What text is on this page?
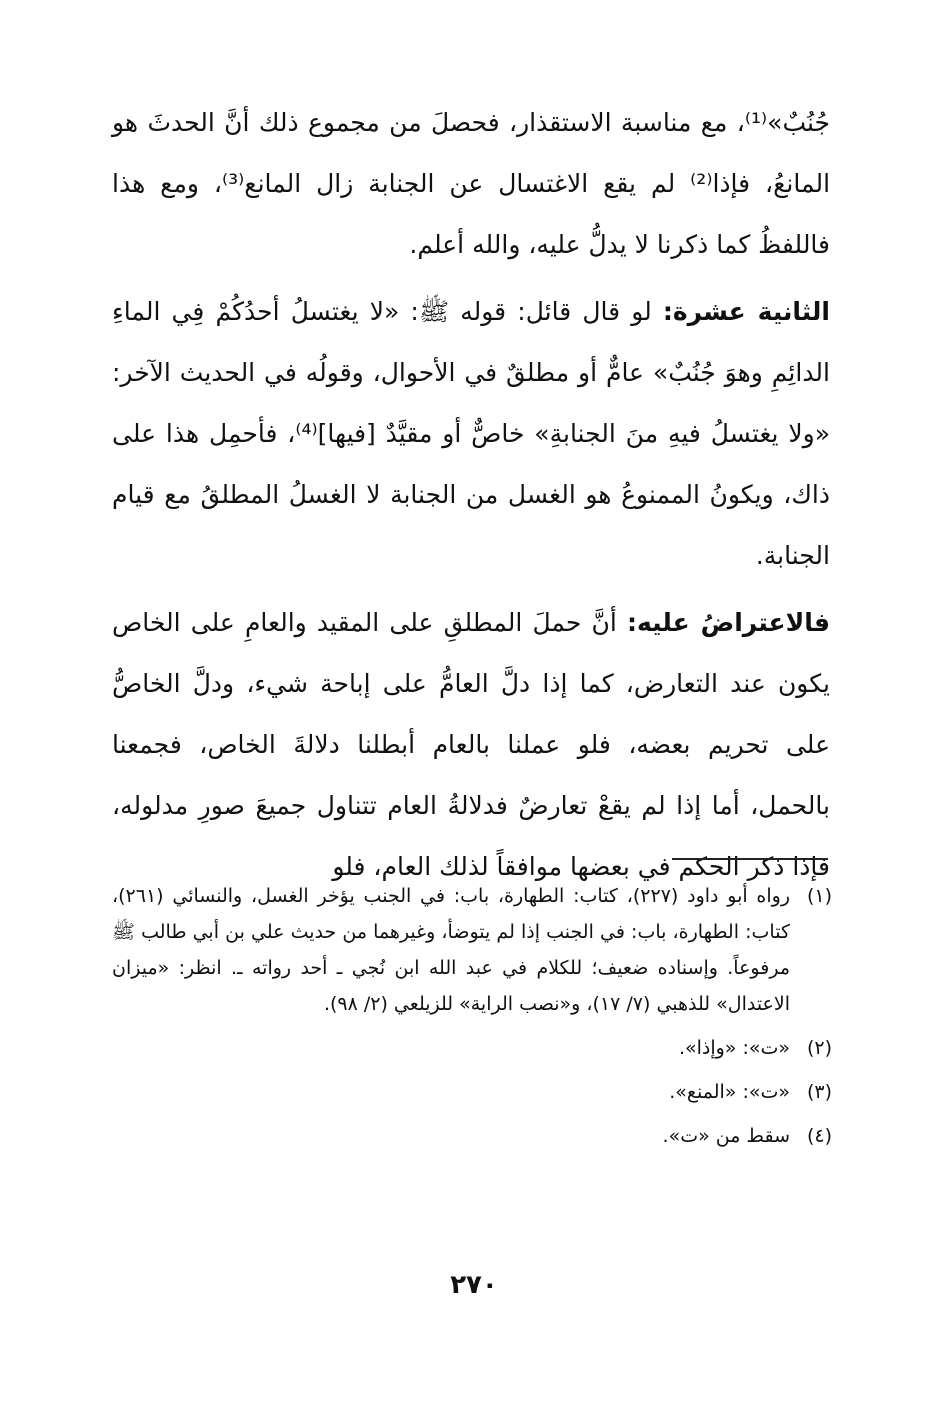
جُنُبٌ»⁽¹⁾، مع مناسبة الاستقذار، فحصلَ من مجموع ذلك أنَّ الحدثَ هو المانعُ، فإذا⁽²⁾ لم يقع الاغتسال عن الجنابة زال المانع⁽³⁾، ومع هذا فاللفظُ كما ذكرنا لا يدلُّ عليه، والله أعلم.

الثانية عشرة: لو قال قائل: قوله ﷺ: «لا يغتسلُ أحدُكُمْ فِي الماءِ الدائِمِ وهوَ جُنُبٌ» عامٌّ أو مطلقٌ في الأحوال، وقولُه في الحديث الآخر: «ولا يغتسلُ فيهِ منَ الجنابةِ» خاصٌّ أو مقيَّدٌ [فيها]⁽⁴⁾، فأحمِل هذا على ذاك، ويكونُ الممنوعُ هو الغسل من الجنابة لا الغسلُ المطلقُ مع قيام الجنابة.

فالاعتراضُ عليه: أنَّ حملَ المطلقِ على المقيد والعامِ على الخاص يكون عند التعارض، كما إذا دلَّ العامُّ على إباحة شيء، ودلَّ الخاصُّ على تحريم بعضه، فلو عملنا بالعام أبطلنا دلالةَ الخاص، فجمعنا بالحمل، أما إذا لم يقعْ تعارضٌ فدلالةُ العام تتناول جميعَ صورِ مدلوله، فإذا ذكر الحكم في بعضها موافقاً لذلك العام، فلو

(١)
رواه أبو داود (٢٢٧)، كتاب: الطهارة، باب: في الجنب يؤخر الغسل، والنسائي (٢٦١)، كتاب: الطهارة، باب: في الجنب إذا لم يتوضأ، وغيرهما من حديث علي بن أبي طالب ﷺ مرفوعاً. وإسناده ضعيف؛ للكلام في عبد الله ابن نُجي ـ أحد رواته ـ. انظر: «ميزان الاعتدال» للذهبي (٧/ ١٧)، و«نصب الراية» للزيلعي (٢/ ٩٨).
(٢)
«ت»: «وإذا».
(٣)
«ت»: «المنع».
(٤)
سقط من «ت».
٢٧٠
